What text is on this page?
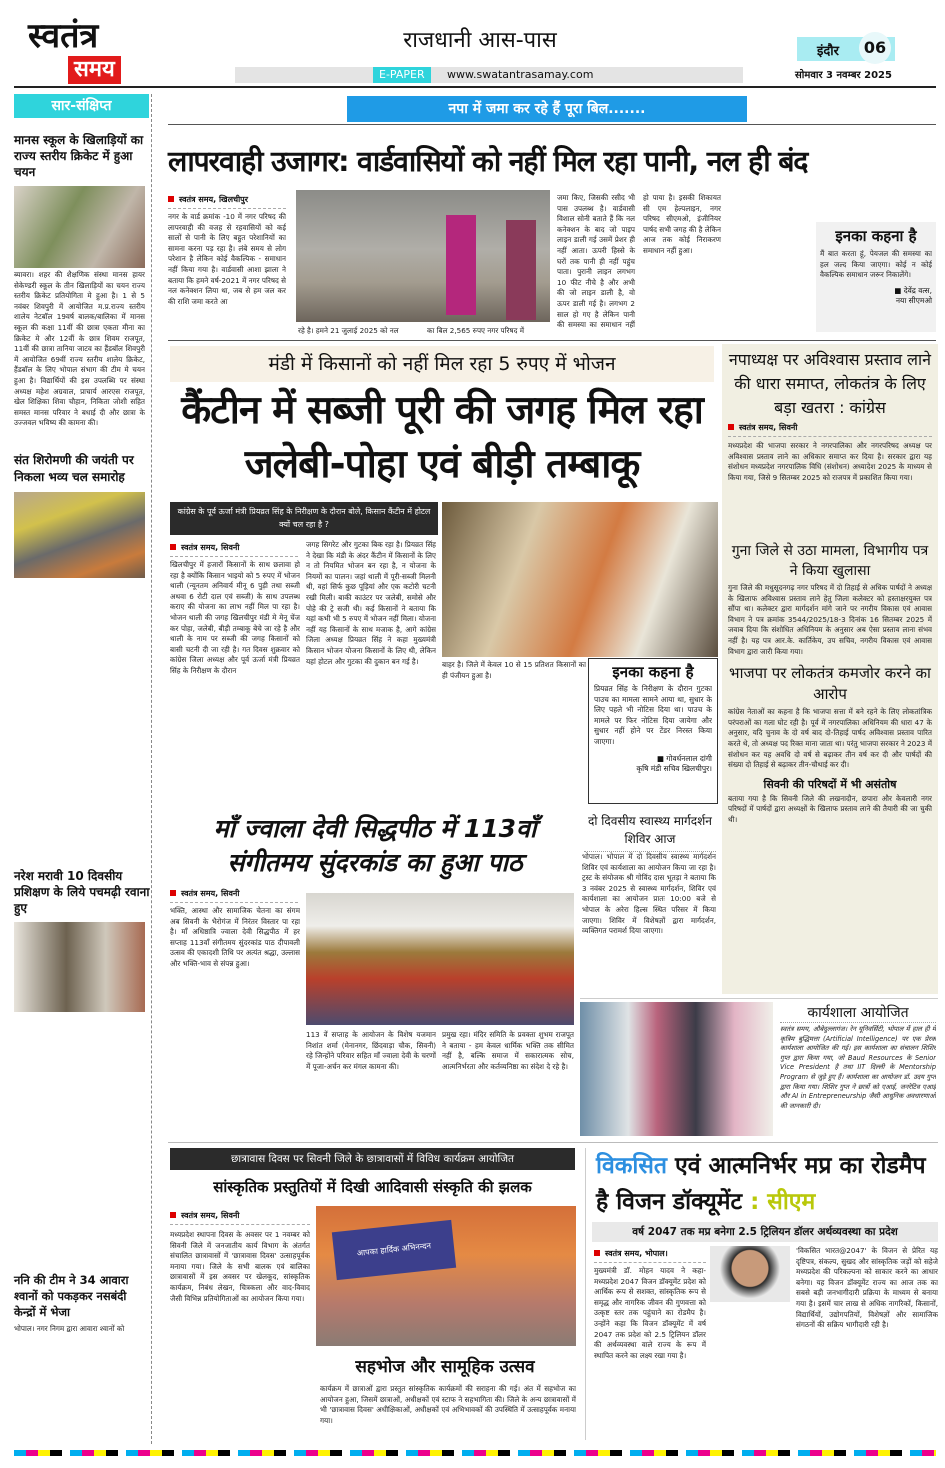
स्वतंत्र
समय
राजधानी आस-पास
E-PAPER	www.swatantrasamay.com
इंदौर	06
सोमवार 3 नवम्बर 2025
सार-संक्षिप्त
मानस स्कूल के खिलाड़ियों का राज्य स्तरीय क्रिकेट में हुआ चयन
ब्यावरा। शहर की शैक्षणिक संस्था मानस हायर सेकेण्डरी स्कूल के तीन खिलाड़ियों का चयन राज्य स्तरीय क्रिकेट प्रतियोगिता मे हुआ है। 1 से 5 नवंबर शिवपुरी में आयोजित म.प्र.राज्य स्तरीय शालेय नेटबॉल 19वर्ष बालक/बालिका में मानस स्कूल की कक्षा 11वीं की छात्रा एकता मीना का क्रिकेट मे और 12वीं के छात्र शिवम राजपूत, 11वीं की छात्रा तानिया जाटव का हैंडबॉल शिवपुरी में आयोजित 69वीं राज्य स्तरीय शालेय क्रिकेट, हैंडबॉल के लिए भोपाल संभाग की टीम मे चयन हुआ है। विद्यार्थियों की इस उपलब्धि पर संस्था अध्यक्ष महेश अग्रवाल, प्राचार्य आरएस राजपूत, खेल शिक्षिका शिवा चौहान, निकिता जोशी सहित समस्त मानस परिवार ने बधाई दी और छात्रा के उज्जवल भविष्य की कामना की।
संत शिरोमणी की जयंती पर निकला भव्य चल समारोह
नरेश मरावी 10 दिवसीय प्रशिक्षण के लिये पचमढ़ी रवाना हुए
ननि की टीम ने 34 आवारा श्वानों को पकड़कर नसबंदी केन्द्रों में भेजा
भोपाल। नगर निगम द्वारा आवारा श्वानों को
नपा में जमा कर रहे हैं पूरा बिल.......
लापरवाही उजागर: वार्डवासियों को नहीं मिल रहा पानी, नल ही बंद
स्वतंत्र समय, खिलचीपुर
नगर के वार्ड क्रमांक -10 में नगर परिषद की लापरवाही की वजह से रहवासियों को कई सालों से पानी के लिए बहुत परेशानियों का सामना करना पड़ रहा है। लंबे समय से लोग परेशान है लेकिन कोई वैकल्पिक - समाधान नहीं किया गया है। वार्डवासी आशा झाला ने बताया कि हमने वर्ष-2021 में नगर परिषद से नल कनेक्शन लिया था, जब से हम जल कर की राशि जमा करते आ
रहे है। हमने 21 जुलाई 2025 को नल	का बिल 2,565 रुपए नगर परिषद में
जमा किए, जिसकी रसीद भी पास उपलब्ध है। वार्डवासी विशाल सोनी बताते हैं कि नल कनेक्शन के बाद जो पाइप लाइन डाली गई उसमें प्रेशर ही नहीं आता। ऊपरी हिस्से के घरों तक पानी ही नहीं पहुंच पाता। पुरानी लाइन लगभग 10 फीट नीचे है और अभी की जो लाइन डाली है, वो ऊपर डाली गई है। लगभग 2 साल हो गए है लेकिन पानी की समस्या का समाधान नहीं हो पाया है। इसकी शिकायत सी एम हेल्पलाइन, नगर परिषद सीएमओ, इंजीनियर पार्षद सभी जगह की है लेकिन आज तक कोई निराकरण समाधान नहीं हुआ।
इनका कहना है
मैं बात करता हूं, पेयजल की समस्या का हल जल्द किया जाएगा। कोई न कोई वैकल्पिक समाधान जरूर निकालेंगे।
■ देवेंद्र वत्स,
नया सीएमओ
मंडी में किसानों को नहीं मिल रहा 5 रुपए में भोजन
कैंटीन में सब्जी पूरी की जगह मिल रहा जलेबी-पोहा एवं बीड़ी तम्बाकू
कांग्रेस के पूर्व ऊर्जा मंत्री प्रियव्रत सिंह के निरीक्षण के दौरान बोले, किसान कैंटीन में होटल क्यों चल रहा है ?
स्वतंत्र समय, सिवनी
खिलचीपुर में हजारों किसानों के साथ छलावा हो रहा है क्योंकि किसान भाइयो को 5 रुपए में भोजन थाली (न्यूनतम अनिवार्य मीनू 6 पुड़ी तथा सब्जी अथवा 6 रोटी दाल एवं सब्जी) के साथ उपलब्ध कराए की योजना का लाभ नहीं मिल पा रहा है। भोजन थाली की जगह खिलचीपुर मंडी मे मेनू चेंज कर पोहा, जलेबी, बीड़ी तम्बाकू बेचे जा रहे है और थाली के नाम पर सब्जी की जगह किसानों को बासी चटनी दी जा रही है। गत दिवस शुक्रवार को कांग्रेस जिला अध्यक्ष और पूर्व ऊर्जा मंत्री प्रियव्रत सिंह के निरीक्षण के दौरान
जगह सिगरेट और गुटका बिक रहा है। प्रियव्रत सिंह ने देखा कि मंडी के अंदर कैंटीन में किसानों के लिए न तो नियमित भोजन बन रहा है, न योजना के नियमों का पालन। जहां थाली में पूरी-सब्जी मिलनी थी, वहां सिर्फ कुछ पूड़ियां और एक कटोरी चटनी रखी मिली। बाकी काउंटर पर जलेबी, समोसे और पोहे की ट्रे सजी थी। कई किसानों ने बताया कि यहां कभी भी 5 रुपए में भोजन नहीं मिला। योजना नहीं यह किसानों के साथ मजाक है, आगे कांग्रेस जिला अध्यक्ष प्रियव्रत सिंह ने कहा मुख्यमंत्री किसान भोजन योजना किसानों के लिए थी, लेकिन यहां होटल और गुटका की दुकान बन गई है।	बाहर है। जिले में केवल 10 से 15 प्रतिशत किसानों का ही पंजीयन हुआ है।	इनका कहना है
प्रियव्रत सिंह के निरीक्षण के दौरान गुटका पाउच का मामला सामने आया था, सुधार के लिए पहले भी नोटिस दिया था। पाउच के मामले पर फिर नोटिस दिया जायेगा और सुधार नहीं होने पर टेंडर निरस्त किया जाएगा।
■ गोवर्धनलाल दांगी
कृषि मंडी सचिव खिलचीपुर।
नपाध्यक्ष पर अविश्वास प्रस्ताव लाने की धारा समाप्त, लोकतंत्र के लिए बड़ा खतरा : कांग्रेस
स्वतंत्र समय, सिवनी
मध्यप्रदेश की भाजपा सरकार ने नगरपालिका और नगरपरिषद अध्यक्ष पर अविश्वास प्रस्ताव लाने का अधिकार समाप्त कर दिया है। सरकार द्वारा यह संशोधन मध्यप्रदेश नगरपालिक विधि (संशोधन) अध्यादेश 2025 के माध्यम से किया गया, जिसे 9 सितम्बर 2025 को राजपत्र में प्रकाशित किया गया।
गुना जिले से उठा मामला, विभागीय पत्र ने किया खुलासा
गुना जिले की मधुसूदनगढ़ नगर परिषद में दो तिहाई से अधिक पार्षदों ने अध्यक्ष के खिलाफ अविश्वास प्रस्ताव लाने हेतु जिला कलेक्टर को हस्ताक्षरयुक्त पत्र सौंपा था। कलेक्टर द्वारा मार्गदर्शन मांगे जाने पर नगरीय विकास एवं आवास विभाग ने पत्र क्रमांक 3544/2025/18-3 दिनांक 16 सितम्बर 2025 में जवाब दिया कि संशोधित अधिनियम के अनुसार अब ऐसा प्रस्ताव लाना संभव नहीं है। यह पत्र आर.के. कार्तिकेय, उप सचिव, नगरीय विकास एवं आवास विभाग द्वारा जारी किया गया।
भाजपा पर लोकतंत्र कमजोर करने का आरोप
कांग्रेस नेताओं का कहना है कि भाजपा सत्ता में बने रहने के लिए लोकतांत्रिक परंपराओं का गला घोट रही है। पूर्व में नगरपालिका अधिनियम की धारा 47 के अनुसार, यदि चुनाव के दो वर्ष बाद दो-तिहाई पार्षद अविश्वास प्रस्ताव पारित करते थे, तो अध्यक्ष पद रिक्त माना जाता था। परंतु भाजपा सरकार ने 2023 में संशोधन कर यह अवधि दो वर्ष से बढ़ाकर तीन वर्ष कर दी और पार्षदों की संख्या दो तिहाई से बढ़ाकर तीन-चौथाई कर दी।
सिवनी की परिषदों में भी असंतोष
बताया गया है कि सिवनी जिले की लखनादौन, छपारा और केवलारी नगर परिषदों में पार्षदों द्वारा अध्यक्षों के खिलाफ प्रस्ताव लाने की तैयारी की जा चुकी थी।
माँ ज्वाला देवी सिद्धपीठ में 113वाँ संगीतमय सुंदरकांड का हुआ पाठ
स्वतंत्र समय, सिवनी
भक्ति, आस्था और सामाजिक चेतना का संगम अब सिवनी के भैरोगंज में निरंतर विस्तार पा रहा है। माँ अधिष्ठात्रि ज्वाला देवी सिद्धपीठ में हर सप्ताह 113वाँ संगीतमय सुंदरकांड पाठ दीपावली उत्सव की एकादशी तिथि पर अत्यंत श्रद्धा, उल्लास और भक्ति-भाव से संपन्न हुआ।
113 वें सप्ताह के आयोजन के विशेष यजमान निशांत शर्मा (मेनानगर, छिंदवाड़ा चौक, सिवनी) रहे जिन्होंने परिवार सहित माँ ज्वाला देवी के चरणों में पूजा-अर्चन कर मंगल कामना की।
प्रमुख रहा। मंदिर समिति के प्रवक्ता शुभम राजपूत ने बताया - हम केवल धार्मिक भक्ति तक सीमित नहीं है, बल्कि समाज में सकारात्मक सोच, आत्मनिर्भरता और कर्तव्यनिष्ठा का संदेश दे रहे है।
दो दिवसीय स्वास्थ्य मार्गदर्शन शिविर आज
भोपाल। भोपाल में दो दिवसीय स्वास्थ्य मार्गदर्शन शिविर एवं कार्यशाला का आयोजन किया जा रहा है। ट्रस्ट के संयोजक श्री गोविंद दास भूतड़ा ने बताया कि 3 नवंबर 2025 से स्वास्थ्य मार्गदर्शन, शिविर एवं कार्यशाला का आयोजन प्रातः 10:00 बजे से भोपाल के अरेरा हिल्स स्थित परिसर में किया जाएगा। शिविर में विशेषज्ञों द्वारा मार्गदर्शन, व्यक्तिगत परामर्श दिया जाएगा।
कार्यशाला आयोजित
स्वतंत्र समय, औबेदुल्लागंज। रेन यूनिवर्सिटी, भोपाल में हाल ही में कृत्रिम बुद्धिमत्ता (Artificial Intelligence) पर एक प्रेरक कार्यशाला आयोजित की गई। इस कार्यशाला का संचालन शिशिर गुप्त द्वारा किया गया, जो Baud Resources के Senior Vice President है तथा IIT दिल्ली के Mentorship Program से जुड़े हुए हैं। कार्यशाला का आयोजन डॉ. उदय गुप्त द्वारा किया गया। शिशिर गुप्त ने छात्रों को एआई, जनरेटिव एआई और AI in Entrepreneurship जैसी आधुनिक अवधारणाओं की जानकारी दी।
छात्रावास दिवस पर सिवनी जिले के छात्रावासों में विविध कार्यक्रम आयोजित
सांस्कृतिक प्रस्तुतियों में दिखी आदिवासी संस्कृति की झलक
स्वतंत्र समय, सिवनी
मध्यप्रदेश स्थापना दिवस के अवसर पर 1 नवम्बर को सिवनी जिले में जनजातीय कार्य विभाग के अंतर्गत संचालित छात्रावासों में 'छात्रावास दिवस' उत्साहपूर्वक मनाया गया। जिले के सभी बालक एवं बालिका छात्रावासों में इस अवसर पर खेलकूद, सांस्कृतिक कार्यक्रम, निबंध लेखन, चित्रकला और वाद-विवाद जैसी विभिन्न प्रतियोगिताओं का आयोजन किया गया।
आपका हार्दिक अभिनन्दन
सहभोज और सामूहिक उत्सव
कार्यक्रम में छात्राओं द्वारा प्रस्तुत सांस्कृतिक कार्यक्रमों की सराहना की गई। अंत में सहभोज का आयोजन हुआ, जिसमें छात्राओं, अधीक्षकों एवं स्टाफ ने सहभागिता की। जिले के अन्य छात्रावासों में भी 'छात्रावास दिवस' अधीक्षिकाओं, अधीक्षकों एवं अभिभावकों की उपस्थिति में उत्साहपूर्वक मनाया गया।
विकसित एवं आत्मनिर्भर मप्र का रोडमैप है विजन डॉक्यूमेंट : सीएम
वर्ष 2047 तक मप्र बनेगा 2.5 ट्रिलियन डॉलर अर्थव्यवस्था का प्रदेश
स्वतंत्र समय, भोपाल।
मुख्यमंत्री डॉ. मोहन यादव ने कहा- मध्यप्रदेश 2047 विजन डॉक्यूमेंट प्रदेश को आर्थिक रूप से सशक्त, सांस्कृतिक रूप से समृद्ध और नागरिक जीवन की गुणवत्ता को उत्कृष्ट स्तर तक पहुंचाने का रोडमैप है। उन्होंने कहा कि विजन डॉक्यूमेंट में वर्ष 2047 तक प्रदेश को 2.5 ट्रिलियन डॉलर की अर्थव्यवस्था वाले राज्य के रूप में स्थापित करने का लक्ष्य रखा गया है।
'विकसित भारत@2047' के विजन से प्रेरित यह दृष्टिपत्र, संकल्प, सुखद और सांस्कृतिक जड़ों को सहेजे मध्यप्रदेश की परिकल्पना को साकार करने का आधार बनेगा। यह विजन डॉक्यूमेंट राज्य का आज तक का सबसे बड़ी जनभागीदारी प्रक्रिया के माध्यम से बनाया गया है। इसमें चार लाख से अधिक नागरिकों, किसानों, विद्यार्थियों, उद्योगपतियों, विशेषज्ञों और सामाजिक संगठनों की सक्रिय भागीदारी रही है।
